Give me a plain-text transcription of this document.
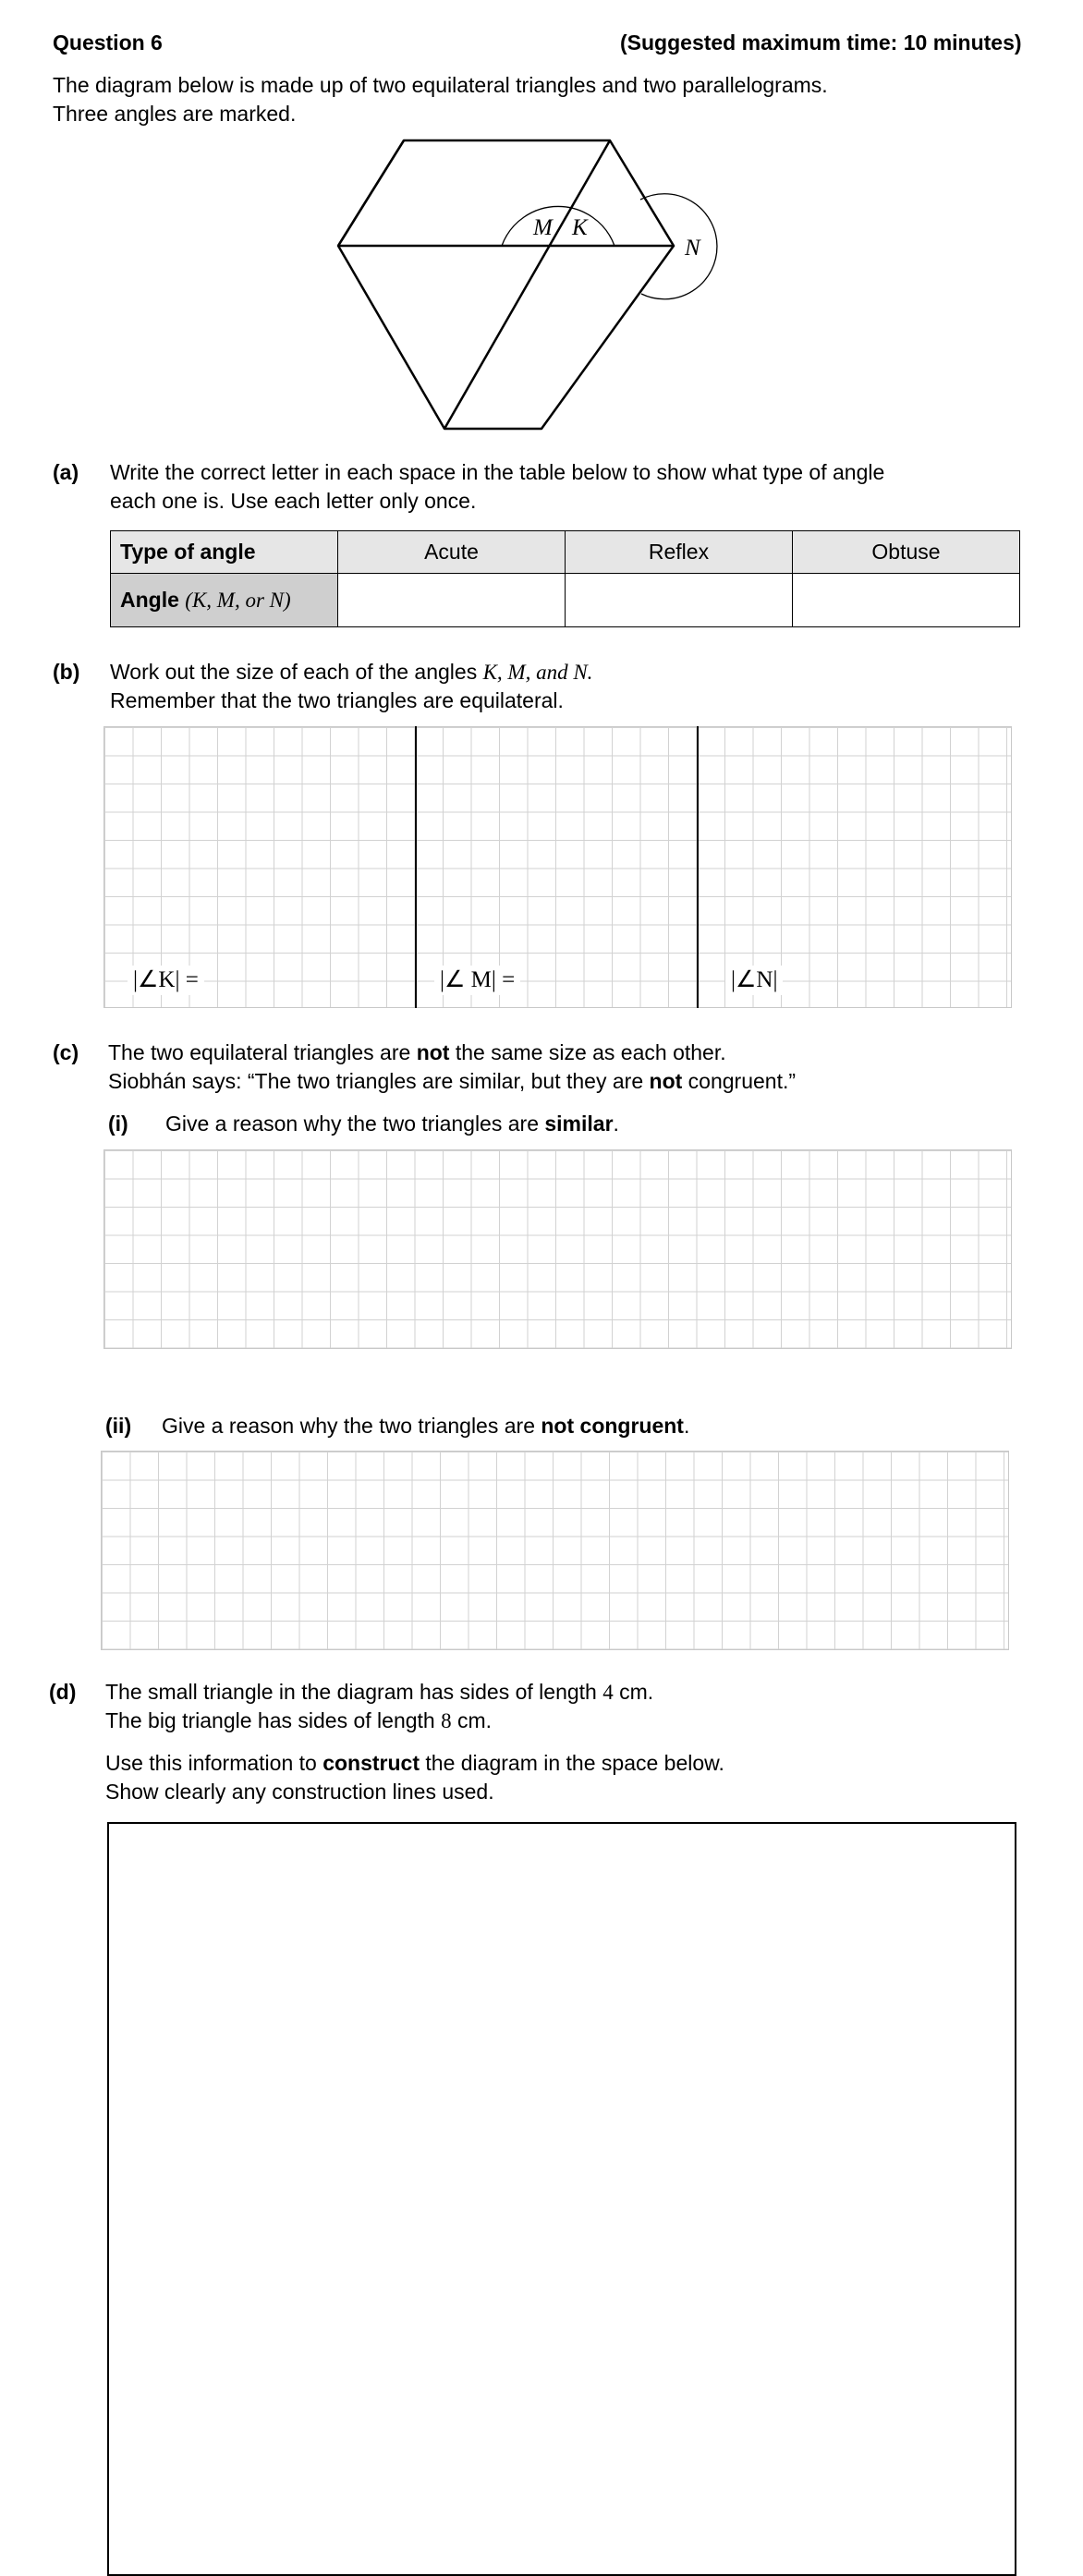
Question 6	(Suggested maximum time: 10 minutes)
The diagram below is made up of two equilateral triangles and two parallelograms.
Three angles are marked.
M K
N
(a) Write the correct letter in each space in the table below to show what type of angle
each one is. Use each letter only once.
Type of angle	Acute	Reflex	Obtuse
Angle (K, M, or N)			
(b) Work out the size of each of the angles K, M, and N.
Remember that the two triangles are equilateral.
|∠K| =	|∠ M| =	|∠N|
(c) The two equilateral triangles are not the same size as each other.
Siobhán says: “The two triangles are similar, but they are not congruent.”
(i) Give a reason why the two triangles are similar.
(ii) Give a reason why the two triangles are not congruent.
(d) The small triangle in the diagram has sides of length 4 cm.
The big triangle has sides of length 8 cm.
Use this information to construct the diagram in the space below.
Show clearly any construction lines used.
